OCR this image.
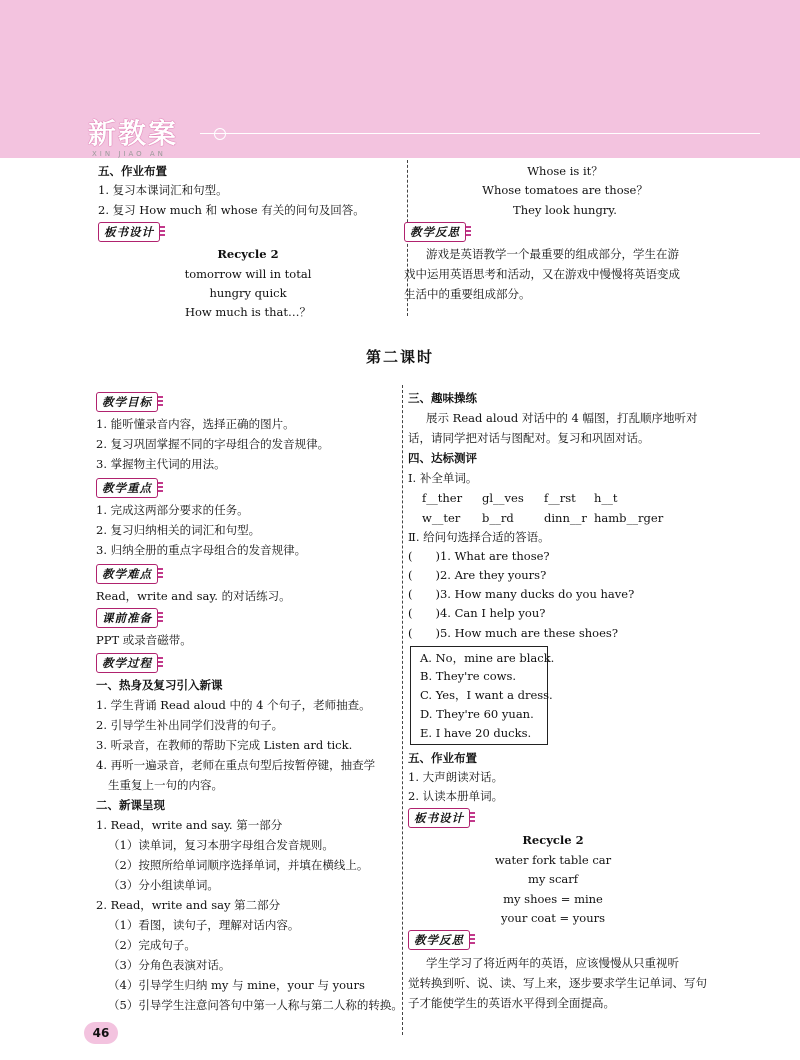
新教案
XIN JIAO AN
五、作业布置
1. 复习本课词汇和句型。
2. 复习 How much 和 whose 有关的问句及回答。
板书设计
Recycle 2
tomorrow will in total
hungry quick
How much is that…？
Whose is it？
Whose tomatoes are those？
They look hungry.
教学反思
游戏是英语教学一个最重要的组成部分，学生在游
戏中运用英语思考和活动，又在游戏中慢慢将英语变成
生活中的重要组成部分。
第二课时
教学目标
1. 能听懂录音内容，选择正确的图片。
2. 复习巩固掌握不同的字母组合的发音规律。
3. 掌握物主代词的用法。
教学重点
1. 完成这两部分要求的任务。
2. 复习归纳相关的词汇和句型。
3. 归纳全册的重点字母组合的发音规律。
教学难点
Read，write and say. 的对话练习。
课前准备
PPT 或录音磁带。
教学过程
一、热身及复习引入新课
1. 学生背诵 Read aloud 中的 4 个句子，老师抽查。
2. 引导学生补出同学们没背的句子。
3. 听录音，在教师的帮助下完成 Listen ard tick.
4. 再听一遍录音，老师在重点句型后按暂停键，抽查学
生重复上一句的内容。
二、新课呈现
1. Read，write and say. 第一部分
（1）读单词，复习本册字母组合发音规则。
（2）按照所给单词顺序选择单词，并填在横线上。
（3）分小组读单词。
2. Read，write and say 第二部分
（1）看图，读句子，理解对话内容。
（2）完成句子。
（3）分角色表演对话。
（4）引导学生归纳 my 与 mine，your 与 yours
（5）引导学生注意问答句中第一人称与第二人称的转换。
三、趣味操练
展示 Read aloud 对话中的 4 幅图，打乱顺序地听对
话，请同学把对话与图配对。复习和巩固对话。
四、达标测评
Ⅰ. 补全单词。
f__ther gl__ves f__rst h__t
w__ter b__rd	dinn__r hamb__rger
Ⅱ. 给问句选择合适的答语。
(　　)1. What are those?
(　　)2. Are they yours?
(　　)3. How many ducks do you have?
(　　)4. Can I help you?
(　　)5. How much are these shoes?
A. No，mine are black.
B. They're cows.
C. Yes，I want a dress.
D. They're 60 yuan.
E. I have 20 ducks.
五、作业布置
1. 大声朗读对话。
2. 认读本册单词。
板书设计
Recycle 2
water fork table car
my scarf
my shoes = mine
your coat = yours
教学反思
学生学习了将近两年的英语，应该慢慢从只重视听
觉转换到听、说、读、写上来，逐步要求学生记单词、写句
子才能使学生的英语水平得到全面提高。
46
